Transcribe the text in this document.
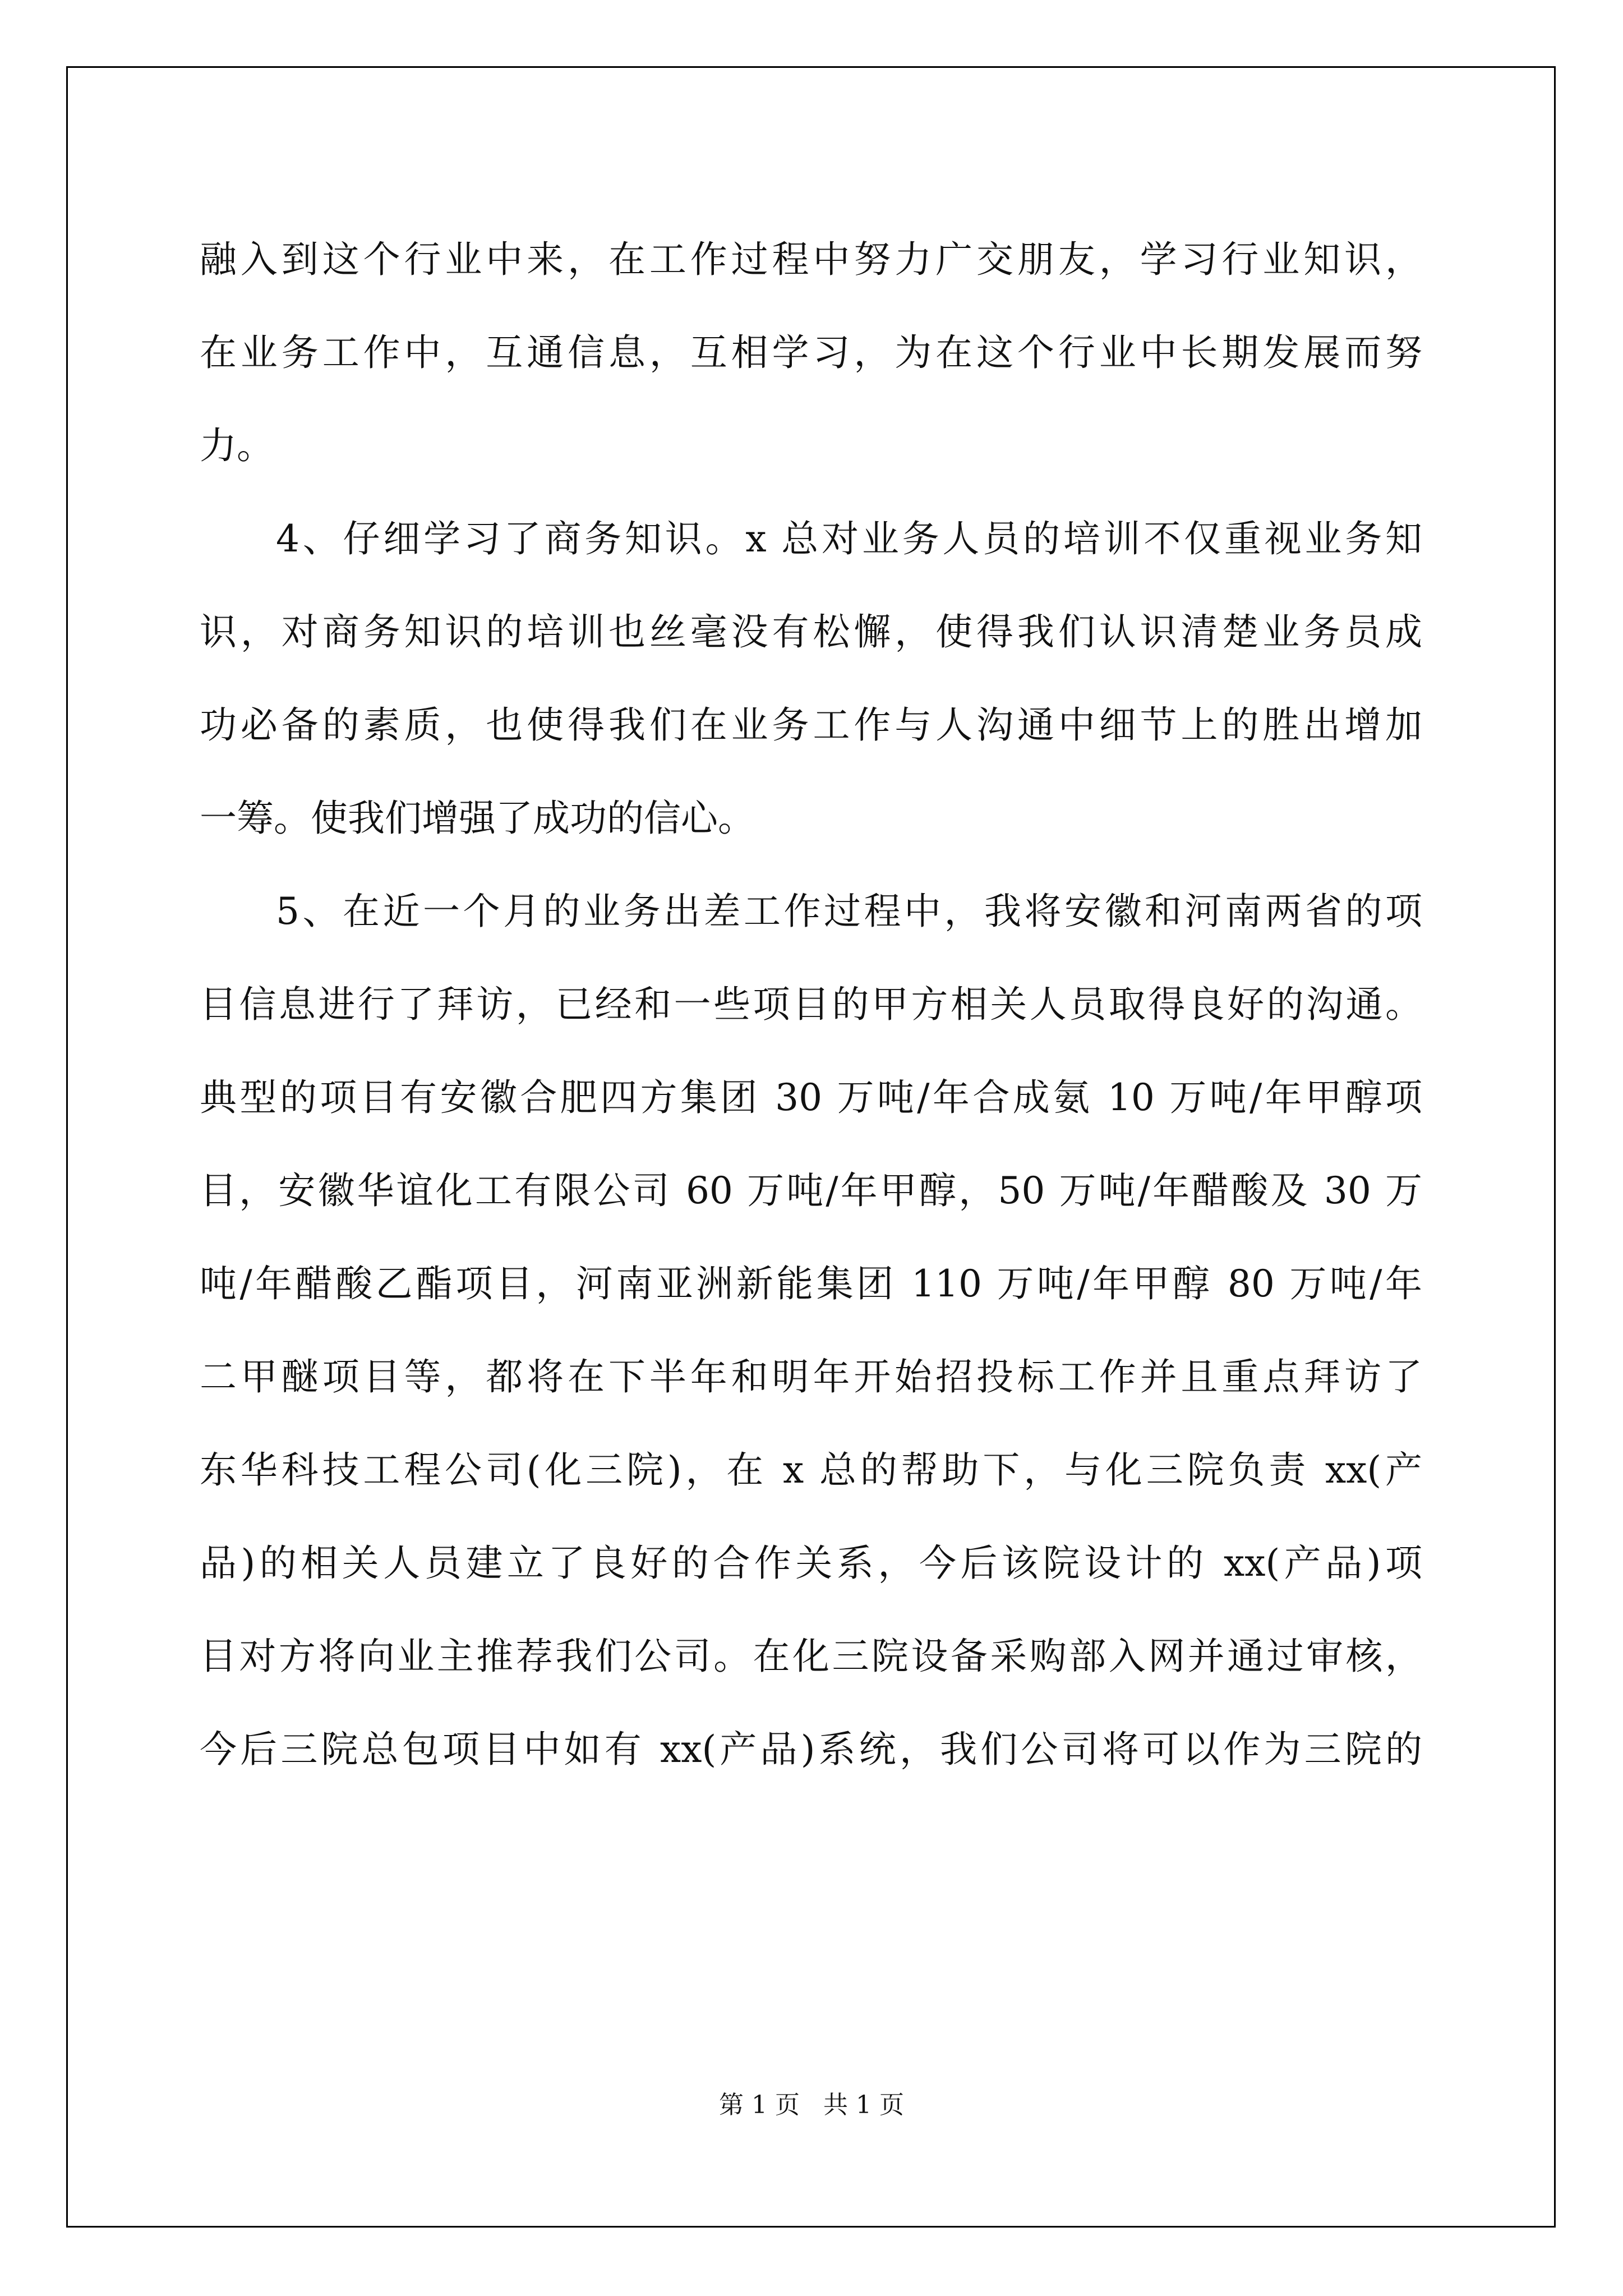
融入到这个行业中来，在工作过程中努力广交朋友，学习行业知识，
在业务工作中，互通信息，互相学习，为在这个行业中长期发展而努
力。
4、仔细学习了商务知识。x 总对业务人员的培训不仅重视业务知
识，对商务知识的培训也丝毫没有松懈，使得我们认识清楚业务员成
功必备的素质，也使得我们在业务工作与人沟通中细节上的胜出增加
一筹。使我们增强了成功的信心。
5、在近一个月的业务出差工作过程中，我将安徽和河南两省的项
目信息进行了拜访，已经和一些项目的甲方相关人员取得良好的沟通。
典型的项目有安徽合肥四方集团 30 万吨/年合成氨 10 万吨/年甲醇项
目，安徽华谊化工有限公司 60 万吨/年甲醇，50 万吨/年醋酸及 30 万
吨/年醋酸乙酯项目，河南亚洲新能集团 110 万吨/年甲醇 80 万吨/年
二甲醚项目等，都将在下半年和明年开始招投标工作并且重点拜访了
东华科技工程公司(化三院)，在 x 总的帮助下，与化三院负责 xx(产
品)的相关人员建立了良好的合作关系，今后该院设计的 xx(产品)项
目对方将向业主推荐我们公司。在化三院设备采购部入网并通过审核，
今后三院总包项目中如有 xx(产品)系统，我们公司将可以作为三院的
第 1 页 共 1 页
